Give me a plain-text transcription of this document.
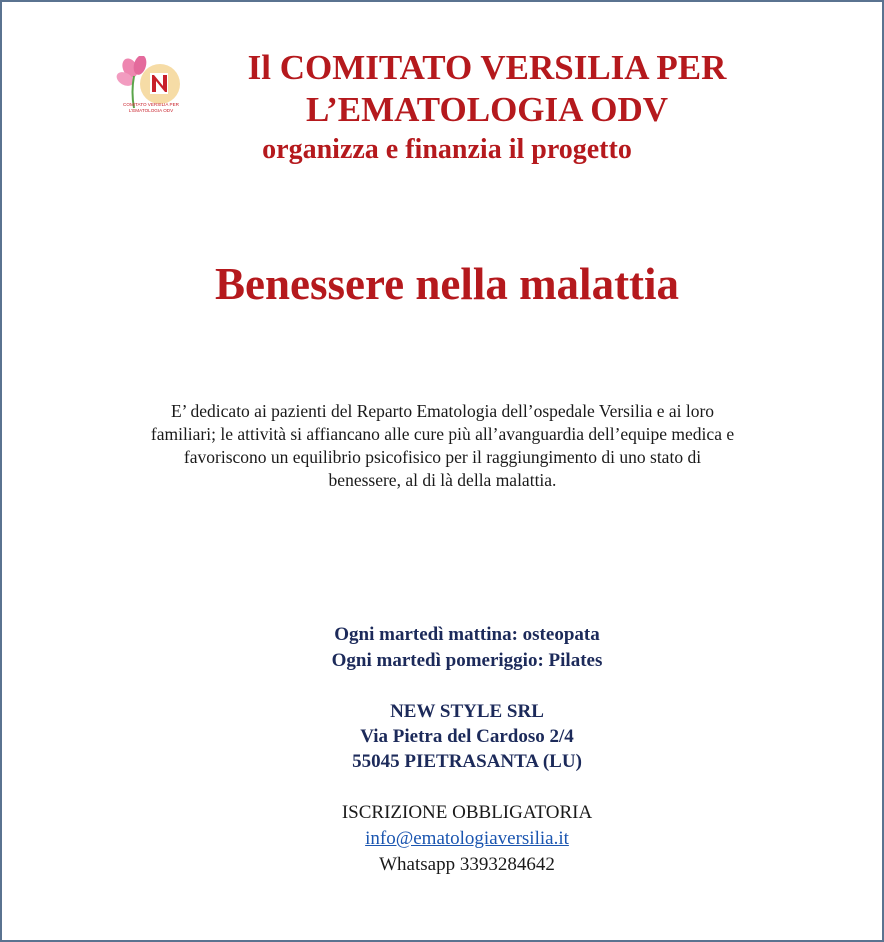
COMITATO VERSILIA PER
L'EMATOLOGIA ODV
Il COMITATO VERSILIA PER
L’EMATOLOGIA ODV
organizza e finanzia il progetto
Benessere nella malattia
E’ dedicato ai pazienti del Reparto Ematologia dell’ospedale Versilia e ai loro
familiari; le attività si affiancano alle cure più all’avanguardia dell’equipe medica e
favoriscono un equilibrio psicofisico per il raggiungimento di uno stato di
benessere, al di là della malattia.
Ogni martedì mattina: osteopata
Ogni martedì pomeriggio: Pilates
NEW STYLE SRL
Via Pietra del Cardoso 2/4
55045 PIETRASANTA (LU)
ISCRIZIONE OBBLIGATORIA
info@ematologiaversilia.it
Whatsapp 3393284642
